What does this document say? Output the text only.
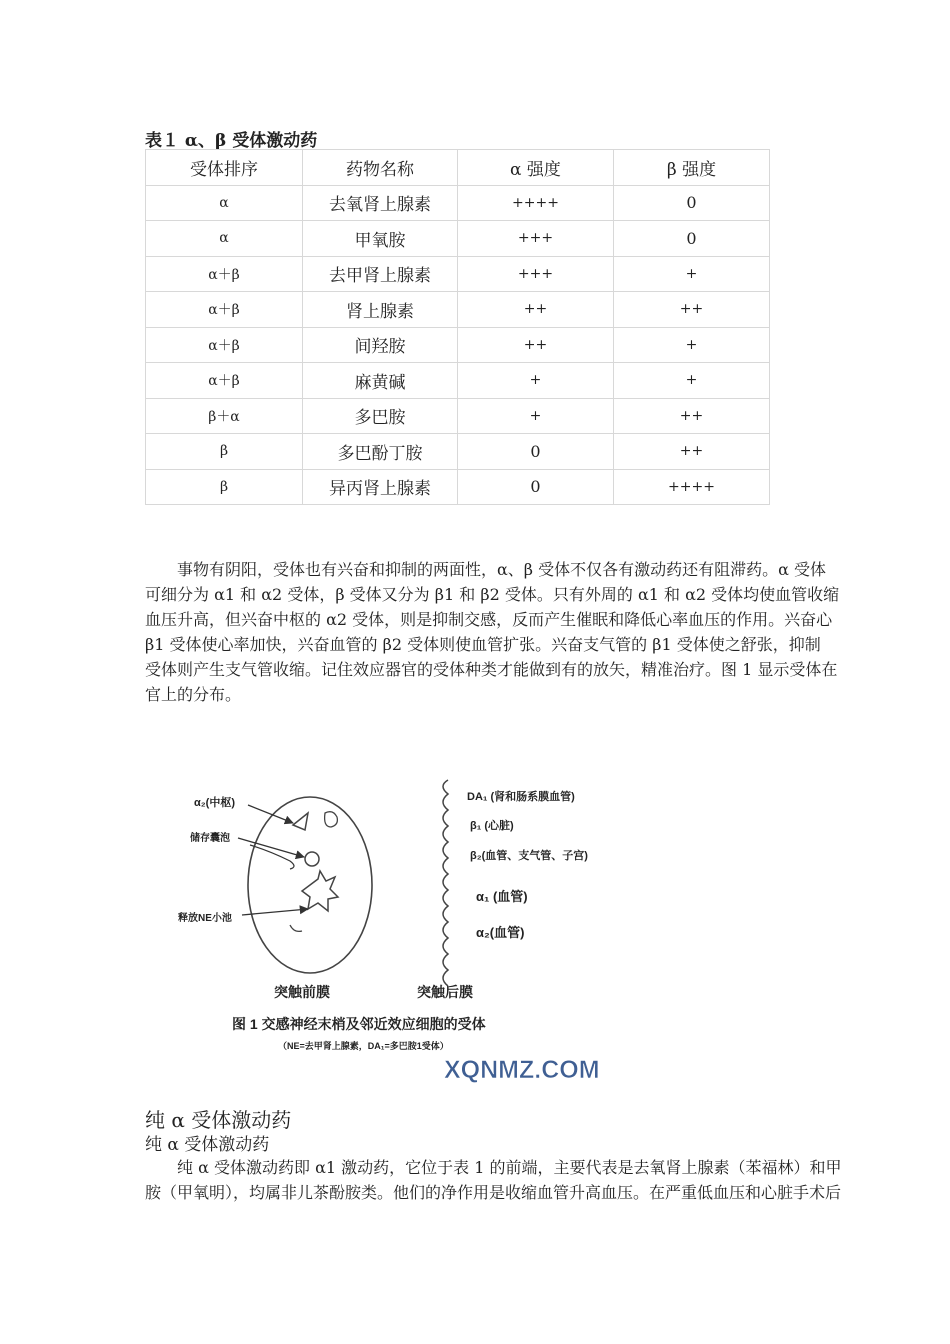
表１ α、β 受体激动药
受体排序	药物名称	α 强度	β 强度
α	去氧肾上腺素	++++	0
α	甲氧胺	+++	0
α＋β	去甲肾上腺素	+++	+
α＋β	肾上腺素	++	++
α＋β	间羟胺	++	+
α＋β	麻黄碱	+	+
β＋α	多巴胺	+	++
β	多巴酚丁胺	0	++
β	异丙肾上腺素	0	++++

事物有阴阳，受体也有兴奋和抑制的两面性，α、β 受体不仅各有激动药还有阻滞药。α 受体

可细分为 α1 和 α2 受体，β 受体又分为 β1 和 β2 受体。只有外周的 α1 和 α2 受体均使血管收缩

血压升高，但兴奋中枢的 α2 受体，则是抑制交感，反而产生催眠和降低心率血压的作用。兴奋心

β1 受体使心率加快，兴奋血管的 β2 受体则使血管扩张。兴奋支气管的 β1 受体使之舒张，抑制

受体则产生支气管收缩。记住效应器官的受体种类才能做到有的放矢，精准治疗。图 1 显示受体在

官上的分布。

α₂(中枢)
储存囊泡
释放NE小池
DA₁ (肾和肠系膜血管)
β₁ (心脏)
β₂(血管、支气管、子宫)
α₁ (血管)
α₂(血管)
突触前膜	突触后膜
图 1 交感神经末梢及邻近效应细胞的受体
（NE=去甲肾上腺素，DA₁=多巴胺1受体）
XQNMZ.COM
纯 α 受体激动药
纯 α 受体激动药

纯 α 受体激动药即 α1 激动药，它位于表 1 的前端，主要代表是去氧肾上腺素（苯福林）和甲

胺（甲氧明），均属非儿茶酚胺类。他们的净作用是收缩血管升高血压。在严重低血压和心脏手术后
